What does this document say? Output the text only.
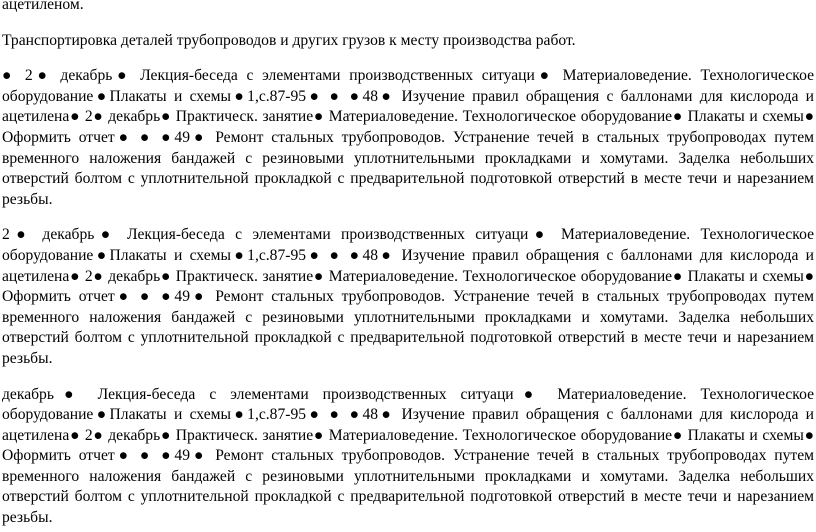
ацетиленом.

Транспортировка деталей трубопроводов и других грузов к месту производства работ.

● 2● декабрь● Лекция-беседа с элементами производственных ситуаци● Материаловедение. Технологическое оборудование●Плакаты и схемы●1,с.87-95● ● ●48● Изучение правил обращения с баллонами для кислорода и ацетилена● 2● декабрь● Практическ. занятие● Материаловедение. Технологическое оборудование● Плакаты и схемы● Оформить отчет● ● ●49● Ремонт стальных трубопроводов. Устранение течей в стальных трубопроводах путем временного наложения бандажей с резиновыми уплотнительными прокладками и хомутами. Заделка небольших отверстий болтом с уплотнительной прокладкой с предварительной подготовкой отверстий в месте течи и нарезанием резьбы.

2● декабрь● Лекция-беседа с элементами производственных ситуаци● Материаловедение. Технологическое оборудование●Плакаты и схемы●1,с.87-95● ● ●48● Изучение правил обращения с баллонами для кислорода и ацетилена● 2● декабрь● Практическ. занятие● Материаловедение. Технологическое оборудование● Плакаты и схемы● Оформить отчет● ● ●49● Ремонт стальных трубопроводов. Устранение течей в стальных трубопроводах путем временного наложения бандажей с резиновыми уплотнительными прокладками и хомутами. Заделка небольших отверстий болтом с уплотнительной прокладкой с предварительной подготовкой отверстий в месте течи и нарезанием резьбы.

декабрь● Лекция-беседа с элементами производственных ситуаци● Материаловедение. Технологическое оборудование●Плакаты и схемы●1,с.87-95● ● ●48● Изучение правил обращения с баллонами для кислорода и ацетилена● 2● декабрь● Практическ. занятие● Материаловедение. Технологическое оборудование● Плакаты и схемы● Оформить отчет● ● ●49● Ремонт стальных трубопроводов. Устранение течей в стальных трубопроводах путем временного наложения бандажей с резиновыми уплотнительными прокладками и хомутами. Заделка небольших отверстий болтом с уплотнительной прокладкой с предварительной подготовкой отверстий в месте течи и нарезанием резьбы.
